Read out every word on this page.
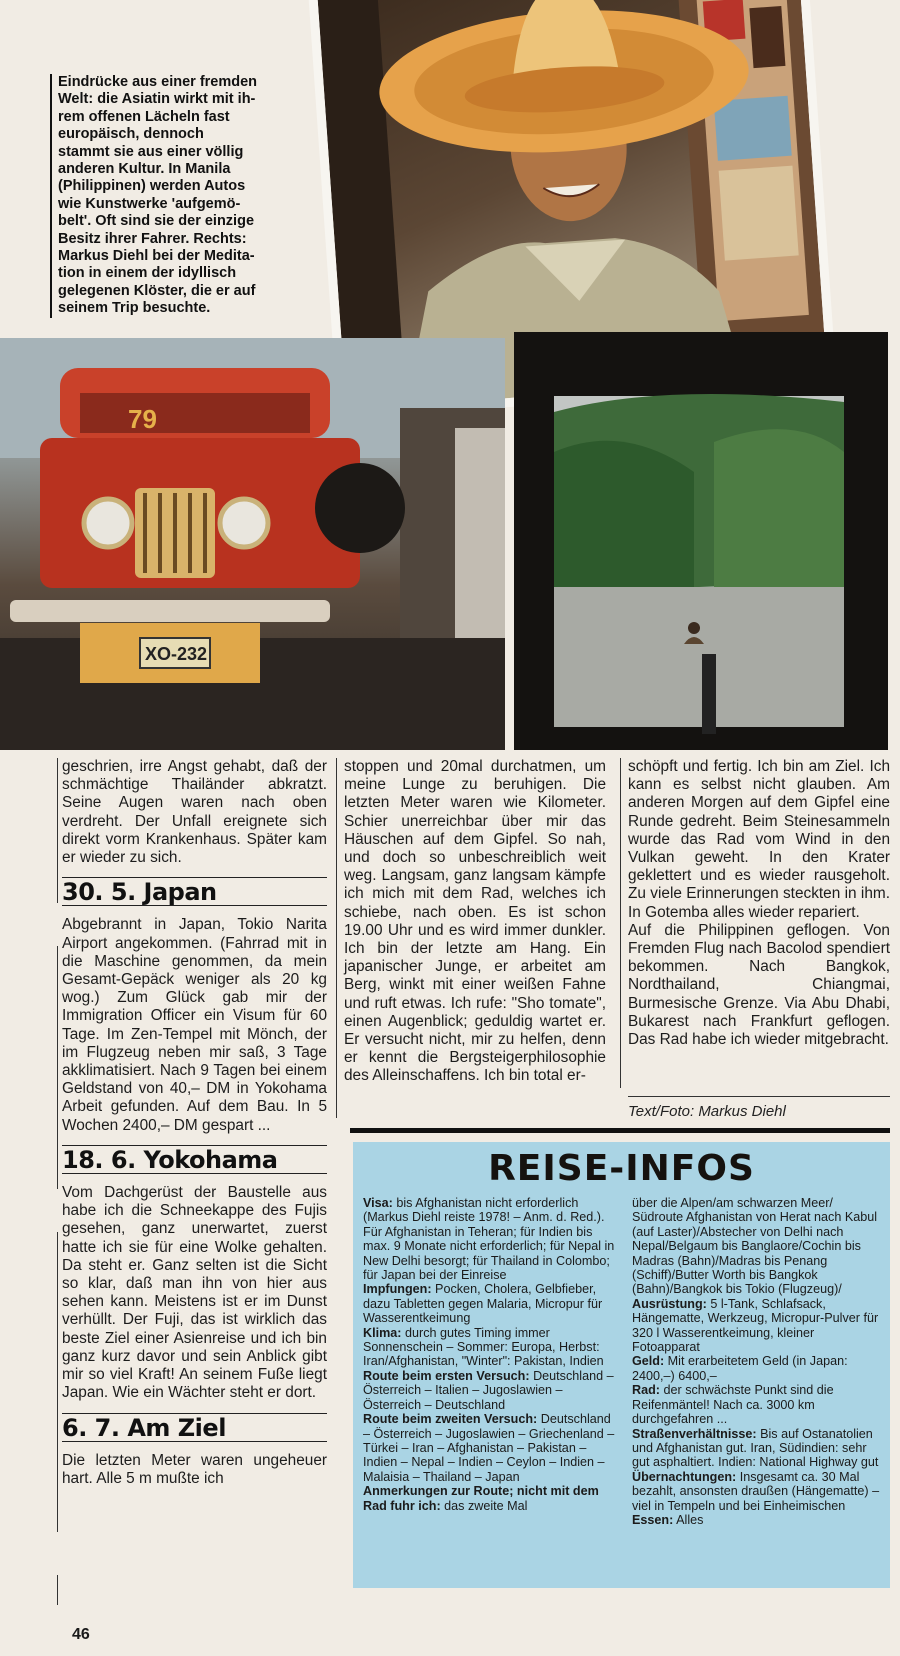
Eindrücke aus einer fremden
Welt: die Asiatin wirkt mit ih-
rem offenen Lächeln fast
europäisch, dennoch
stammt sie aus einer völlig
anderen Kultur. In Manila
(Philippinen) werden Autos
wie Kunstwerke 'aufgemö-
belt'. Oft sind sie der einzige
Besitz ihrer Fahrer. Rechts:
Markus Diehl bei der Medita-
tion in einem der idyllisch
gelegenen Klöster, die er auf
seinem Trip besuchte.
79
XO-232

geschrien, irre Angst gehabt, daß der schmächtige Thailänder abkratzt. Seine Augen waren nach oben verdreht. Der Unfall ereignete sich direkt vorm Krankenhaus. Später kam er wieder zu sich.

30. 5. Japan

Abgebrannt in Japan, Tokio Narita Airport angekommen. (Fahrrad mit in die Maschine genommen, da mein Gesamt-Gepäck weniger als 20 kg wog.) Zum Glück gab mir der Immigration Officer ein Visum für 60 Tage. Im Zen-Tempel mit Mönch, der im Flugzeug neben mir saß, 3 Tage akklimatisiert. Nach 9 Tagen bei einem Geldstand von 40,– DM in Yokohama Arbeit gefunden. Auf dem Bau. In 5 Wochen 2400,– DM gespart ...

18. 6. Yokohama

Vom Dachgerüst der Baustelle aus habe ich die Schneekappe des Fujis gesehen, ganz unerwartet, zuerst hatte ich sie für eine Wolke gehalten. Da steht er. Ganz selten ist die Sicht so klar, daß man ihn von hier aus sehen kann. Meistens ist er im Dunst verhüllt. Der Fuji, das ist wirklich das beste Ziel einer Asienreise und ich bin ganz kurz davor und sein Anblick gibt mir so viel Kraft! An seinem Fuße liegt Japan. Wie ein Wächter steht er dort.

6. 7. Am Ziel

Die letzten Meter waren ungeheuer hart. Alle 5 m mußte ich

stoppen und 20mal durchatmen, um meine Lunge zu beruhigen. Die letzten Meter waren wie Kilometer. Schier unerreichbar über mir das Häuschen auf dem Gipfel. So nah, und doch so unbeschreiblich weit weg. Langsam, ganz langsam kämpfe ich mich mit dem Rad, welches ich schiebe, nach oben. Es ist schon 19.00 Uhr und es wird immer dunkler. Ich bin der letzte am Hang. Ein japanischer Junge, er arbeitet am Berg, winkt mit einer weißen Fahne und ruft etwas. Ich rufe: "Sho tomate", einen Augenblick; geduldig wartet er. Er versucht nicht, mir zu helfen, denn er kennt die Bergsteigerphilosophie des Alleinschaffens. Ich bin total er-

schöpft und fertig. Ich bin am Ziel. Ich kann es selbst nicht glauben. Am anderen Morgen auf dem Gipfel eine Runde gedreht. Beim Steinesammeln wurde das Rad vom Wind in den Vulkan geweht. In den Krater geklettert und es wieder rausgeholt. Zu viele Erinnerungen steckten in ihm. In Gotemba alles wieder repariert.

Auf die Philippinen geflogen. Von Fremden Flug nach Bacolod spendiert bekommen. Nach Bangkok, Nordthailand, Chiangmai, Burmesische Grenze. Via Abu Dhabi, Bukarest nach Frankfurt geflogen. Das Rad habe ich wieder mitgebracht.

Text/Foto: Markus Diehl
REISE-INFOS

Visa: bis Afghanistan nicht erforderlich (Markus Diehl reiste 1978! – Anm. d. Red.). Für Afghanistan in Teheran; für Indien bis max. 9 Monate nicht erforderlich; für Nepal in New Delhi besorgt; für Thailand in Colombo; für Japan bei der Einreise

Impfungen: Pocken, Cholera, Gelbfieber, dazu Tabletten gegen Malaria, Micropur für Wasserentkeimung

Klima: durch gutes Timing immer Sonnenschein – Sommer: Europa, Herbst: Iran/Afghanistan, "Winter": Pakistan, Indien

Route beim ersten Versuch: Deutschland – Österreich – Italien – Jugoslawien – Österreich – Deutschland

Route beim zweiten Versuch: Deutschland – Österreich – Jugoslawien – Griechenland – Türkei – Iran – Afghanistan – Pakistan – Indien – Nepal – Indien – Ceylon – Indien – Malaisia – Thailand – Japan

Anmerkungen zur Route; nicht mit dem Rad fuhr ich: das zweite Mal

über die Alpen/am schwarzen Meer/ Südroute Afghanistan von Herat nach Kabul (auf Laster)/Abstecher von Delhi nach Nepal/Belgaum bis Banglaore/Cochin bis Madras (Bahn)/Madras bis Penang (Schiff)/Butter Worth bis Bangkok (Bahn)/Bangkok bis Tokio (Flugzeug)/

Ausrüstung: 5 l-Tank, Schlafsack, Hängematte, Werkzeug, Micropur-Pulver für 320 l Wasserentkeimung, kleiner Fotoapparat

Geld: Mit erarbeitetem Geld (in Japan: 2400,–) 6400,–

Rad: der schwächste Punkt sind die Reifenmäntel! Nach ca. 3000 km durchgefahren ...

Straßenverhältnisse: Bis auf Ostanatolien und Afghanistan gut. Iran, Südindien: sehr gut asphaltiert. Indien: National Highway gut

Übernachtungen: Insgesamt ca. 30 Mal bezahlt, ansonsten draußen (Hängematte) – viel in Tempeln und bei Einheimischen

Essen: Alles

46
